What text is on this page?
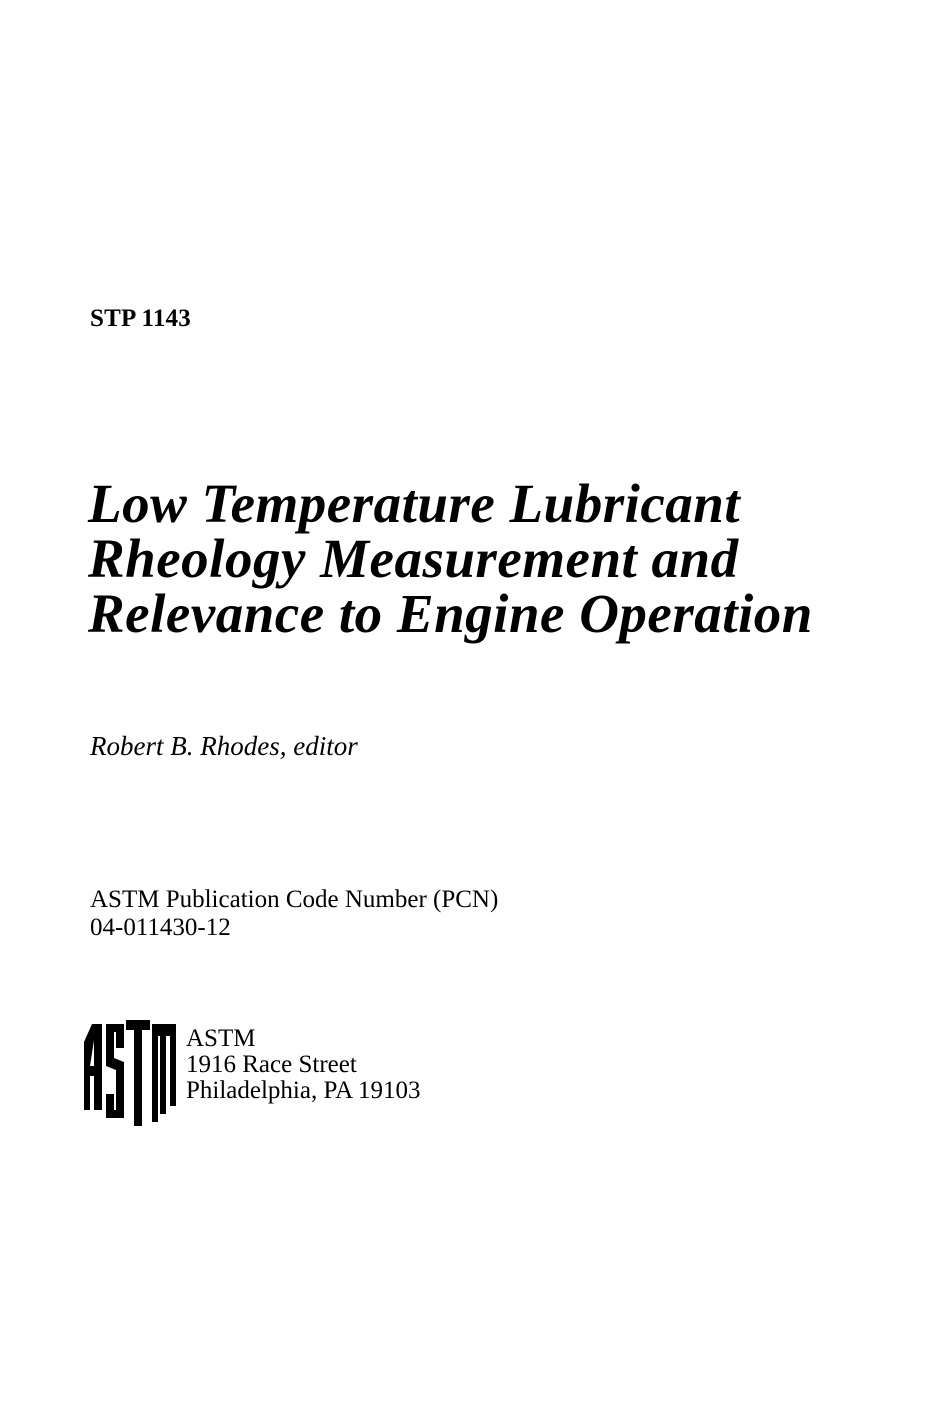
STP 1143
Low Temperature Lubricant
Rheology Measurement and
Relevance to Engine Operation
Robert B. Rhodes, editor
ASTM Publication Code Number (PCN)
04-011430-12
ASTM
1916 Race Street
Philadelphia, PA 19103
